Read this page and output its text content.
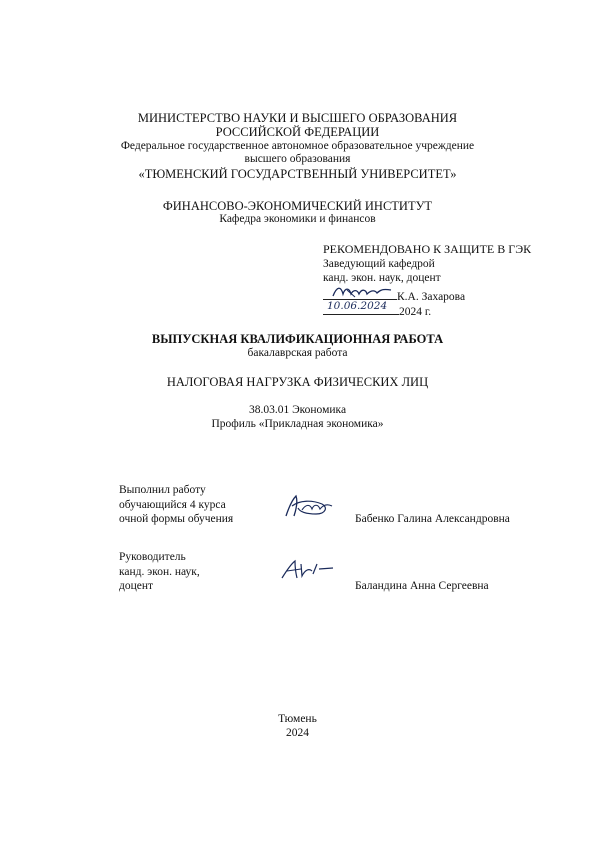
МИНИСТЕРСТВО НАУКИ И ВЫСШЕГО ОБРАЗОВАНИЯ
РОССИЙСКОЙ ФЕДЕРАЦИИ
Федеральное государственное автономное образовательное учреждение
высшего образования
«ТЮМЕНСКИЙ ГОСУДАРСТВЕННЫЙ УНИВЕРСИТЕТ»
ФИНАНСОВО-ЭКОНОМИЧЕСКИЙ ИНСТИТУТ
Кафедра экономики и финансов
РЕКОМЕНДОВАНО К ЗАЩИТЕ В ГЭК
Заведующий кафедрой
канд. экон. наук, доцент
К.А. Захарова
10.06.2024 2024 г.
ВЫПУСКНАЯ КВАЛИФИКАЦИОННАЯ РАБОТА
бакалаврская работа
НАЛОГОВАЯ НАГРУЗКА ФИЗИЧЕСКИХ ЛИЦ
38.03.01 Экономика
Профиль «Прикладная экономика»
Выполнил работу
обучающийся 4 курса
очной формы обучения	Бабенко Галина Александровна
Руководитель
канд. экон. наук,
доцент	Баландина Анна Сергеевна
Тюмень
2024
